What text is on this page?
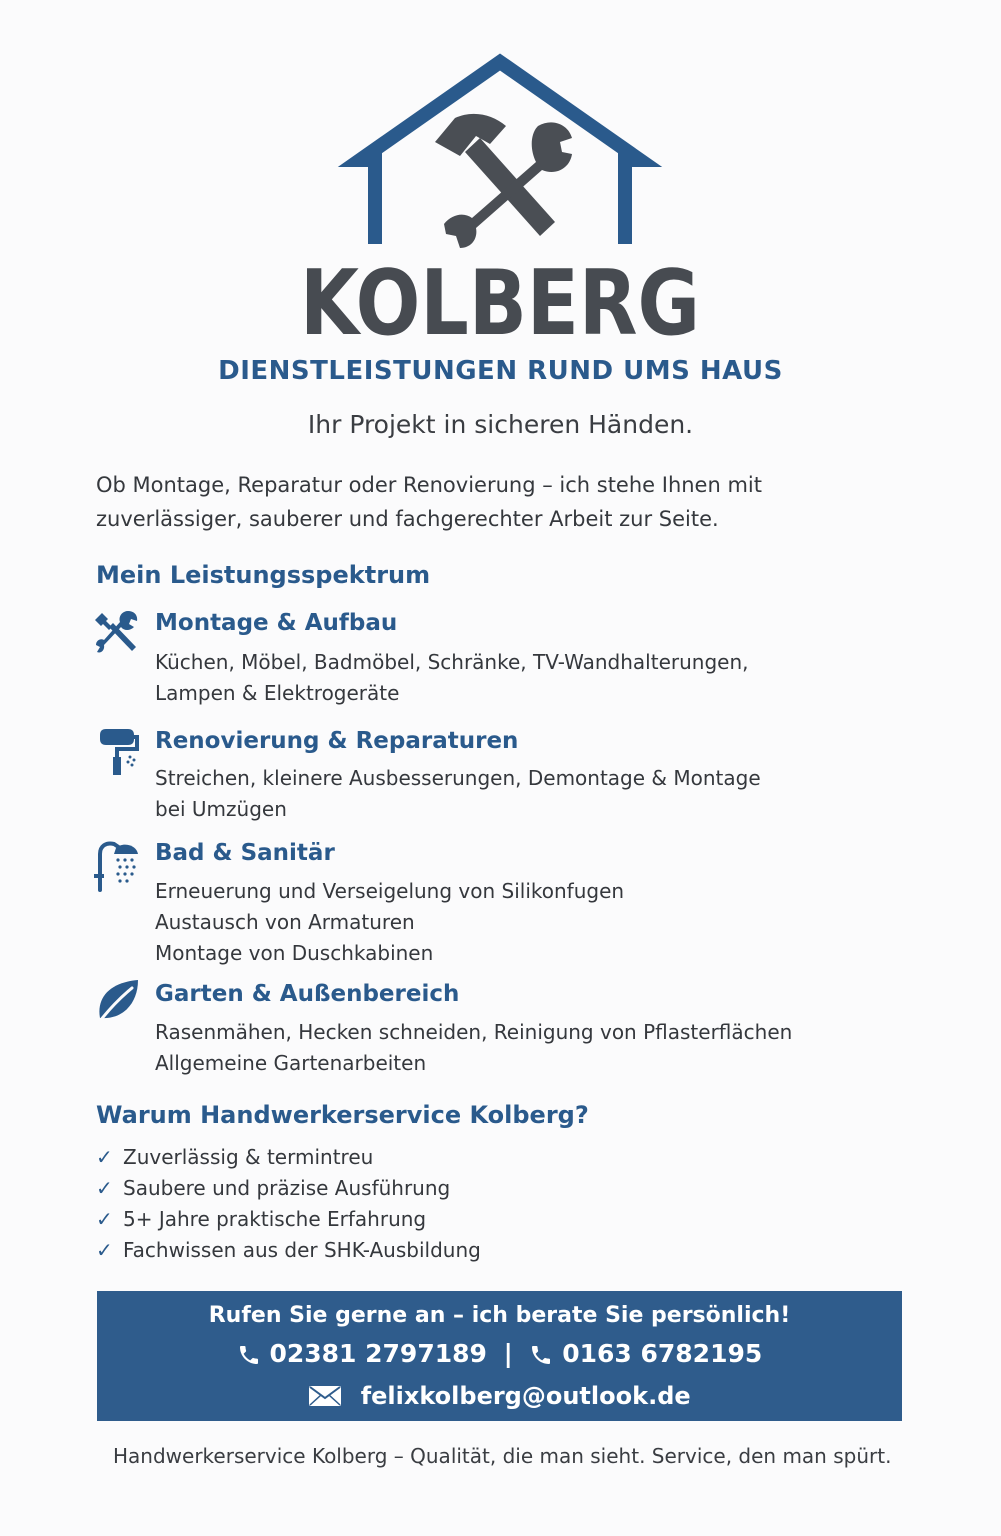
KOLBERG
DIENSTLEISTUNGEN RUND UMS HAUS
Ihr Projekt in sicheren Händen.
Ob Montage, Reparatur oder Renovierung – ich stehe Ihnen mit
zuverlässiger, sauberer und fachgerechter Arbeit zur Seite.
Mein Leistungsspektrum
Montage & Aufbau
Küchen, Möbel, Badmöbel, Schränke, TV-Wandhalterungen,
Lampen & Elektrogeräte
Renovierung & Reparaturen
Streichen, kleinere Ausbesserungen, Demontage & Montage
bei Umzügen
Bad & Sanitär
Erneuerung und Verseigelung von Silikonfugen
Austausch von Armaturen
Montage von Duschkabinen
Garten & Außenbereich
Rasenmähen, Hecken schneiden, Reinigung von Pflasterflächen
Allgemeine Gartenarbeiten
Warum Handwerkerservice Kolberg?
✓ Zuverlässig & termintreu
✓ Saubere und präzise Ausführung
✓ 5+ Jahre praktische Erfahrung
✓ Fachwissen aus der SHK-Ausbildung
Rufen Sie gerne an – ich berate Sie persönlich!
02381 2797189 | 0163 6782195
felixkolberg@outlook.de
Handwerkerservice Kolberg – Qualität, die man sieht. Service, den man spürt.
